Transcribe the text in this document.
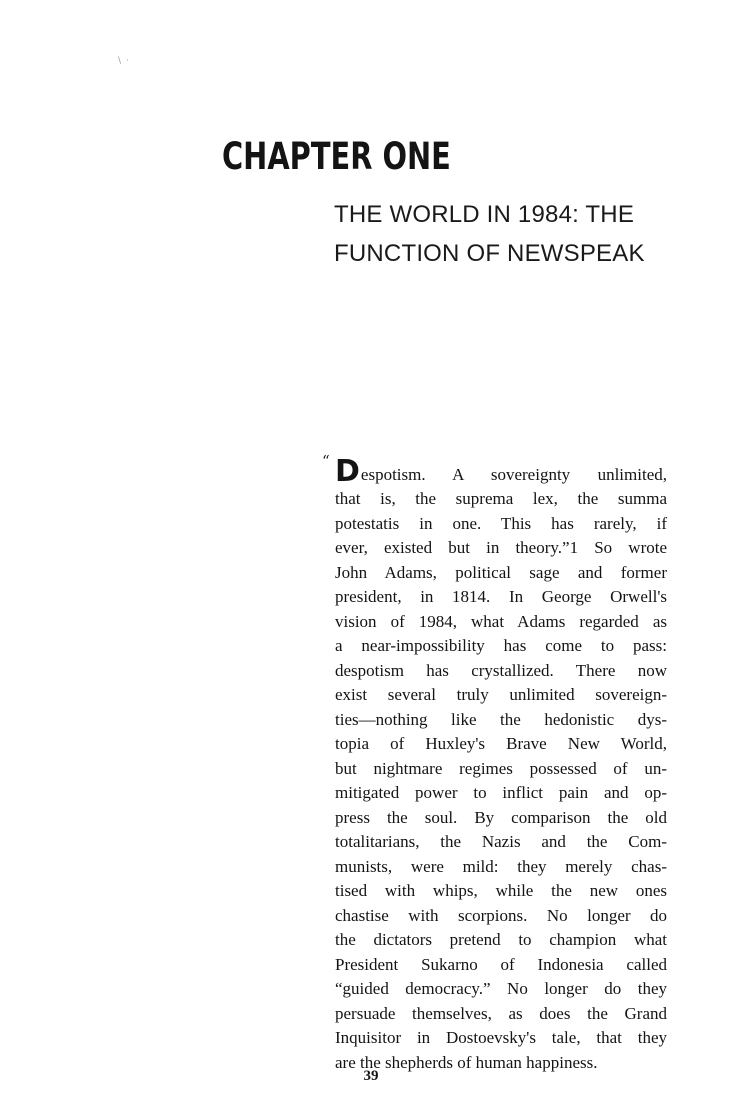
\ ·
CHAPTER ONE
THE WORLD IN 1984: THE
FUNCTION OF NEWSPEAK
“ D espotism. A sovereignty unlimited,
that is, the suprema lex, the summa
potestatis in one. This has rarely, if
ever, existed but in theory.”1 So wrote
John Adams, political sage and former
president, in 1814. In George Orwell's
vision of 1984, what Adams regarded as
a near-impossibility has come to pass:
despotism has crystallized. There now
exist several truly unlimited sovereign-
ties—nothing like the hedonistic dys-
topia of Huxley's Brave New World,
but nightmare regimes possessed of un-
mitigated power to inflict pain and op-
press the soul. By comparison the old
totalitarians, the Nazis and the Com-
munists, were mild: they merely chas-
tised with whips, while the new ones
chastise with scorpions. No longer do
the dictators pretend to champion what
President Sukarno of Indonesia called
“guided democracy.” No longer do they
persuade themselves, as does the Grand
Inquisitor in Dostoevsky's tale, that they
are the shepherds of human happiness.
39
